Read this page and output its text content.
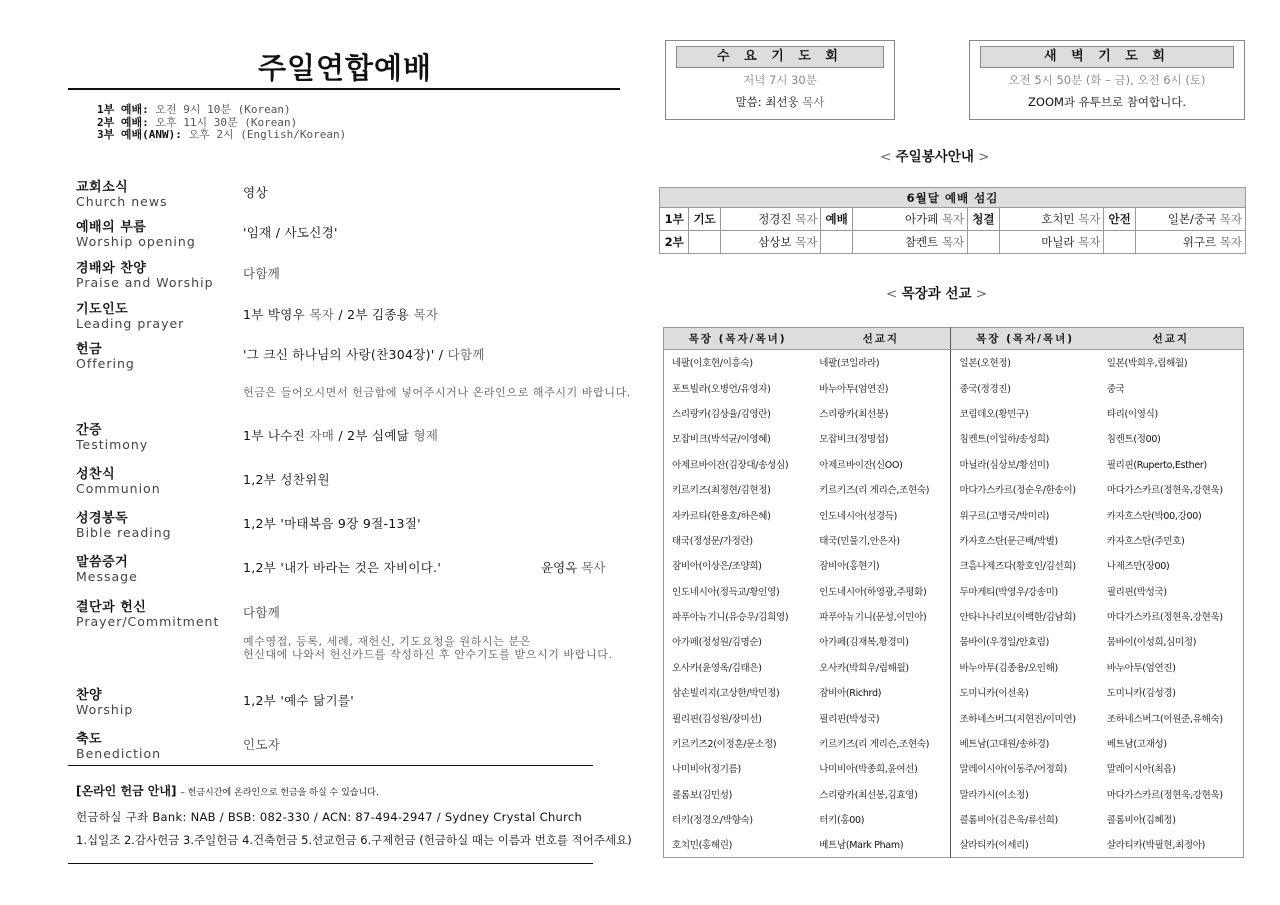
주일연합예배
1부 예배: 오전 9시 10분 (Korean)
2부 예배: 오후 11시 30분 (Korean)
3부 예배(ANW): 오후 2시 (English/Korean)
교회소식
Church news
영상
예배의 부름
Worship opening
'임재 / 사도신경'
경배와 찬양
Praise and Worship
다함께
기도인도
Leading prayer
1부 박영우 목자 / 2부 김종용 목자
헌금
Offering
'그 크신 하나님의 사랑(찬304장)' / 다함께
헌금은 들어오시면서 헌금함에 넣어주시거나 온라인으로 해주시기 바랍니다.
간증
Testimony
1부 나수진 자매 / 2부 심예닮 형제
성찬식
Communion
1,2부 성찬위원
성경봉독
Bible reading
1,2부 '마태복음 9장 9절-13절'
말씀증거
Message
1,2부 '내가 바라는 것은 자비이다.'	윤영옥 목사
결단과 헌신
Prayer/Commitment
다함께
예수영접, 등록, 세례, 재헌신, 기도요청을 원하시는 분은
헌신대에 나와서 헌신카드를 작성하신 후 안수기도를 받으시기 바랍니다.
찬양
Worship
1,2부 '예수 닮기를'
축도
Benediction
인도자
[온라인 헌금 안내] – 헌금시간에 온라인으로 헌금을 하실 수 있습니다.
헌금하실 구좌 Bank: NAB / BSB: 082-330 / ACN: 87-494-2947 / Sydney Crystal Church
1.십일조 2.감사헌금 3.주일헌금 4.건축헌금 5.선교헌금 6.구제헌금 (헌금하실 때는 이름과 번호를 적어주세요)
수 요 기 도 회
저녁 7시 30분
말씀: 최선웅 목사
새 벽 기 도 회
오전 5시 50분 (화 – 금), 오전 6시 (토)
ZOOM과 유투브로 참여합니다.
< 주일봉사안내 >
6월달 예배 섬김								
1부	기도	정경진 목자	예배	아가페 목자	청결	호치민 목자	안전	일본/중국 목자
2부		삼상보 목자		참켄트 목자		마닐라 목자		위구르 목자
< 목장과 선교 >
목장 (목자/목녀)	선교지	목장 (목자/목녀)	선교지
네팔(이호현/이흥숙)	네팔(코일라라)	일본(오현정)	일본(박희우,림해월)
포트빌라(오병언/유영자)	바누아투(엄연진)	중국(정경진)	중국
스리랑카(김상율/김영란)	스리랑카(최선봉)	코림데오(황민구)	타리(이영식)
모잡비크(박석균/이영혜)	모잡비크(정명섭)	침켄트(이일하/송성희)	침켄트(정00)
아제르바이잔(김장대/송성심)	아제르바이잔(신OO)	마닐라(심상보/황선미)	필리핀(Ruperto,Esther)
키르키즈(최정현/김현정)	키르키즈(리 게리슨,조현숙)	마다가스카르(정순우/한송이)	마다가스카르(정현욱,강현욱)
자카르타(한용호/하은혜)	인도네시아(성경득)	위구르(고병국/박미리)	카자흐스탄(박00,강00)
태국(정성문/가정란)	태국(민물기,안은자)	카자흐스탄(문근배/박별)	카자흐스탄(주민호)
잠비아(이상은/조양희)	잠비아(홍현기)	크흠나제즈다(황호인/김선희)	나제즈만(장00)
인도네시아(정득교/황인영)	인도네시아(하영광,주평화)	두마게티(박영우/강송미)	필리핀(박성국)
파푸아뉴기니(유승우/김희영)	파푸아뉴기니(문성,이민아)	안타나나리보(이백한/김남희)	마다가스카르(정현욱,강현욱)
아가페(정성원/김명순)	아가페(김재복,황경미)	뭄바이(우경일/안효림)	뭄바이(이성희,심미정)
오사카(윤영옥/김태은)	오사카(박희우/림해월)	바누아투(김종용/오인해)	바누아투(엄연진)
삼손빌리지(고상한/박민정)	잠비아(Richrd)	도미니카(이선옥)	도미니카(김성경)
필리핀(김성원/장미선)	필리핀(박성국)	조하네스버그(지현진/이미연)	조하네스버그(이원준,유해숙)
키르키즈2(이정훈/문소정)	키르키즈(리 게리슨,조현숙)	베트남(고대원/송하경)	베트남(고재성)
나미비아(정기름)	나미비아(박종희,윤여선)	말레이시아(이동주/어정희)	말레이시아(최읍)
콜롬보(김민성)	스리랑카(최선봉,김효영)	말라가시(이소정)	마다가스카르(정현욱,강현욱)
터키(정경오/박향숙)	터키(홍00)	콜롬비아(김은욱/류선희)	콜롬비아(김혜정)
호치민(홍해린)	베트남(Mark Pham)	살라티카(이세리)	살라티카(박필현,최정아)
